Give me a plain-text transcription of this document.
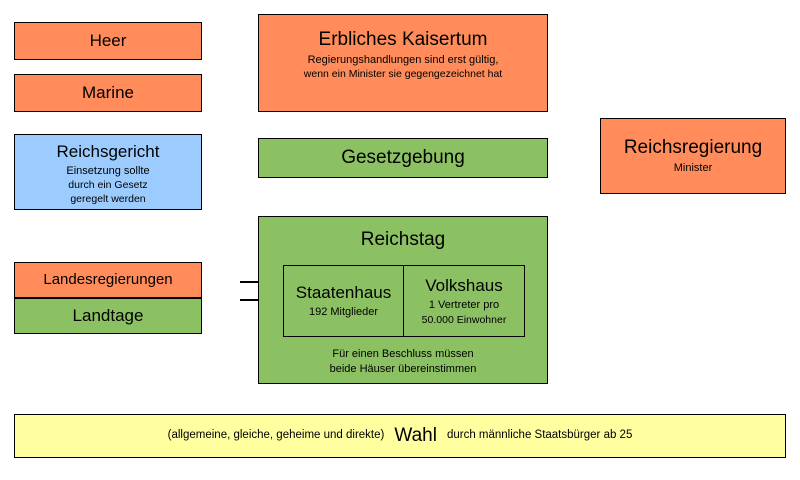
Heer
Marine
Reichsgericht
Einsetzung sollte
durch ein Gesetz
geregelt werden
Landesregierungen
Landtage
Erbliches Kaisertum
Regierungshandlungen sind erst gültig,
wenn ein Minister sie gegengezeichnet hat
Gesetzgebung
Reichstag
Staatenhaus
192 Mitglieder
Volkshaus
1 Vertreter pro
50.000 Einwohner
Für einen Beschluss müssen
beide Häuser übereinstimmen
Reichsregierung
Minister
(allgemeine, gleiche, geheime und direkte) Wahl durch männliche Staatsbürger ab 25
